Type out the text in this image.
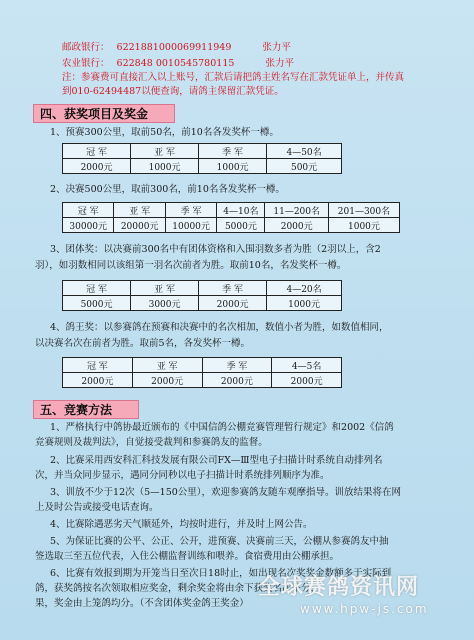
邮政银行： 6221881000069911949	张力平
农业银行： 622848 0010545780115	张力平
注：参赛费可直接汇入以上账号，汇款后请把鸽主姓名写在汇款凭证单上，并传真
到010-62494487以便查询，请鸽主保留汇款凭证。
四、获奖项目及奖金
1、预赛300公里，取前50名，前10名各发奖杯一樽。
冠 军	亚 军	季 军	4—50名
2000元	1000元	1000元	500元
2、决赛500公里，取前300名，前10名各发奖杯一樽。
冠 军	亚 军	季 军	4—10名	11—200名	201—300名
30000元	20000元	10000元	5000元	2000元	1000元
3、团体奖：以决赛前300名中有团体资格和入围羽数多者为胜（2羽以上，含2
羽），如羽数相同以该组第一羽名次前者为胜。取前10名，名发奖杯一樽。
冠 军	亚 军	季 军	4—20名
5000元	3000元	2000元	1000元
4、鸽王奖：以参赛鸽在预赛和决赛中的名次相加，数值小者为胜，如数值相同，
以决赛名次在前者为胜。取前5名，各发奖杯一樽。
冠 军	亚 军	季 军	4—5名
2000元	2000元	2000元	2000元
五、竞赛方法
1、严格执行中鸽协最近颁布的《中国信鸽公棚竞赛管理暂行规定》和2002《信鸽
竞赛规则及裁判法》，自觉接受裁判和参赛鸽友的监督。
2、比赛采用西安科汇科技发展有限公司FX—Ⅲ型电子扫描计时系统自动排列名
次，并当众同步显示，遇同分同秒以电子扫描计时系统排列顺序为准。
3、训放不少于12次（5—150公里），欢迎参赛鸽友随车观摩指导。训放结果将在网
上及时公告或接受电话查询。
4、比赛除遇恶劣天气顺延外，均按时进行，并及时上网公告。
5、为保证比赛的公平、公正、公开，进预赛、决赛前三天，公棚从参赛鸽友中抽
签选取三至五位代表，入住公棚监督训练和喂养。食宿费用由公棚承担。
6、比赛有效报到期为开笼当日至次日18时止，如出现名次奖奖金数额多于实际到
鸽，获奖鸽按名次领取相应奖金，剩余奖金将由余下获奖名次平分，
果，奖金由上笼鸽均分。（不含团体奖金鸽王奖金）
全球赛鸽资讯网
www.hpw-js.com
